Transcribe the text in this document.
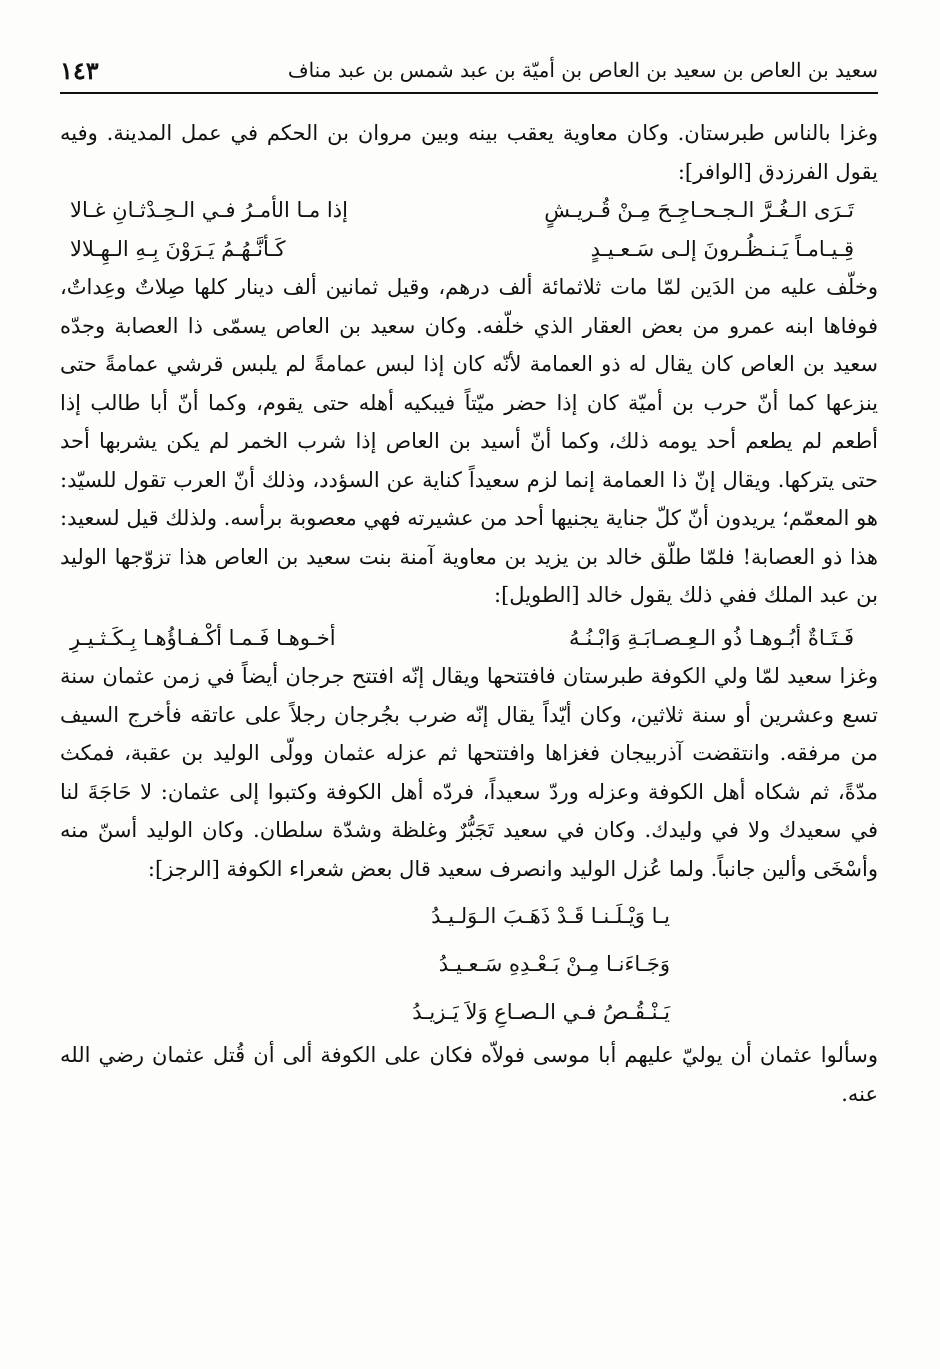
سعيد بن العاص بن سعيد بن العاص بن أميّة بن عبد شمس بن عبد مناف
١٤٣

وغزا بالناس طبرستان. وكان معاوية يعقب بينه وبين مروان بن الحكم في عمل المدينة. وفيه يقول الفرزدق [الوافر]:

تَـرَى الـغُـرَّ الـجـحـاجِـحَ مِـنْ قُـريـشٍ
إذا مـا الأمـرُ فـي الـحِـدْثـانِ غـالا
قِـيـامـاً يَـنـظُـرونَ إلـى سَـعـيـدٍ
كَـأنَّـهُـمُ يَـرَوْنَ بِـهِ الـهِـلالا

وخلّف عليه من الدَين لمّا مات ثلاثمائة ألف درهم، وقيل ثمانين ألف دينار كلها صِلاتٌ وعِداتٌ، فوفاها ابنه عمرو من بعض العقار الذي خلّفه. وكان سعيد بن العاص يسمّى ذا العصابة وجدّه سعيد بن العاص كان يقال له ذو العمامة لأنّه كان إذا لبس عمامةً لم يلبس قرشي عمامةً حتى ينزعها كما أنّ حرب بن أميّة كان إذا حضر ميّتاً فيبكيه أهله حتى يقوم، وكما أنّ أبا طالب إذا أطعم لم يطعم أحد يومه ذلك، وكما أنّ أسيد بن العاص إذا شرب الخمر لم يكن يشربها أحد حتى يتركها. ويقال إنّ ذا العمامة إنما لزم سعيداً كناية عن السؤدد، وذلك أنّ العرب تقول للسيّد: هو المعمّم؛ يريدون أنّ كلّ جناية يجنيها أحد من عشيرته فهي معصوبة برأسه. ولذلك قيل لسعيد: هذا ذو العصابة! فلمّا طلّق خالد بن يزيد بن معاوية آمنة بنت سعيد بن العاص هذا تزوّجها الوليد بن عبد الملك ففي ذلك يقول خالد [الطويل]:

فَـتَـاةٌ أبُـوهـا ذُو الـعِـصـابَـةِ وَابْـنُـهُ
أخـوهـا فَـمـا أكْـفـاؤُهـا بِـكَـثـيـرِ

وغزا سعيد لمّا ولي الكوفة طبرستان فافتتحها ويقال إنّه افتتح جرجان أيضاً في زمن عثمان سنة تسع وعشرين أو سنة ثلاثين، وكان أيّداً يقال إنّه ضرب بجُرجان رجلاً على عاتقه فأخرج السيف من مرفقه. وانتقضت آذربيجان فغزاها وافتتحها ثم عزله عثمان وولّى الوليد بن عقبة، فمكث مدّةً، ثم شكاه أهل الكوفة وعزله وردّ سعيداً، فردّه أهل الكوفة وكتبوا إلى عثمان: لا حَاجَةَ لنا في سعيدك ولا في وليدك. وكان في سعيد تَجَبُّرٌ وغلظة وشدّة سلطان. وكان الوليد أسنّ منه وأسْخَى وألين جانباً. ولما عُزل الوليد وانصرف سعيد قال بعض شعراء الكوفة [الرجز]:

يـا وَيْـلَـنـا قَـدْ ذَهَـبَ الـوَلـيـدُ
وَجَـاءَنـا مِـنْ بَـعْـدِهِ سَـعـيـدُ
يَـنْـقُـصُ فـي الـصـاعِ وَلاَ يَـزيـدُ

وسألوا عثمان أن يوليّ عليهم أبا موسى فولاّه فكان على الكوفة ألى أن قُتل عثمان رضي الله عنه.
